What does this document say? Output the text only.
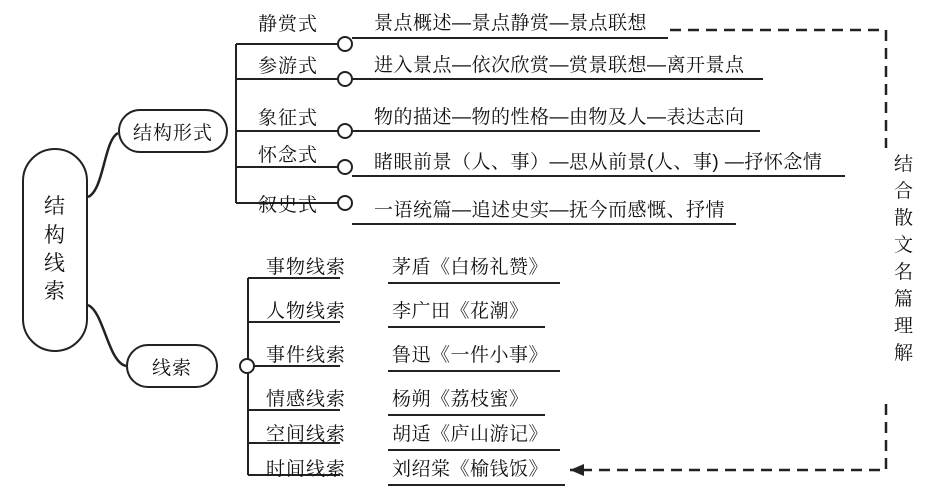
结
构
线
索
结构形式
线索
静赏式
参游式
象征式
怀念式
叙史式
景点概述—景点静赏—景点联想
进入景点—依次欣赏—赏景联想—离开景点
物的描述—物的性格—由物及人—表达志向
睹眼前景（人、事）—思从前景(人、事) —抒怀念情
一语统篇—追述史实—抚今而感慨、抒情
事物线索
人物线索
事件线索
情感线索
空间线索
时间线索
茅盾《白杨礼赞》
李广田《花潮》
鲁迅《一件小事》
杨朔《荔枝蜜》
胡适《庐山游记》
刘绍棠《榆钱饭》
结
合
散
文
名
篇
理
解
